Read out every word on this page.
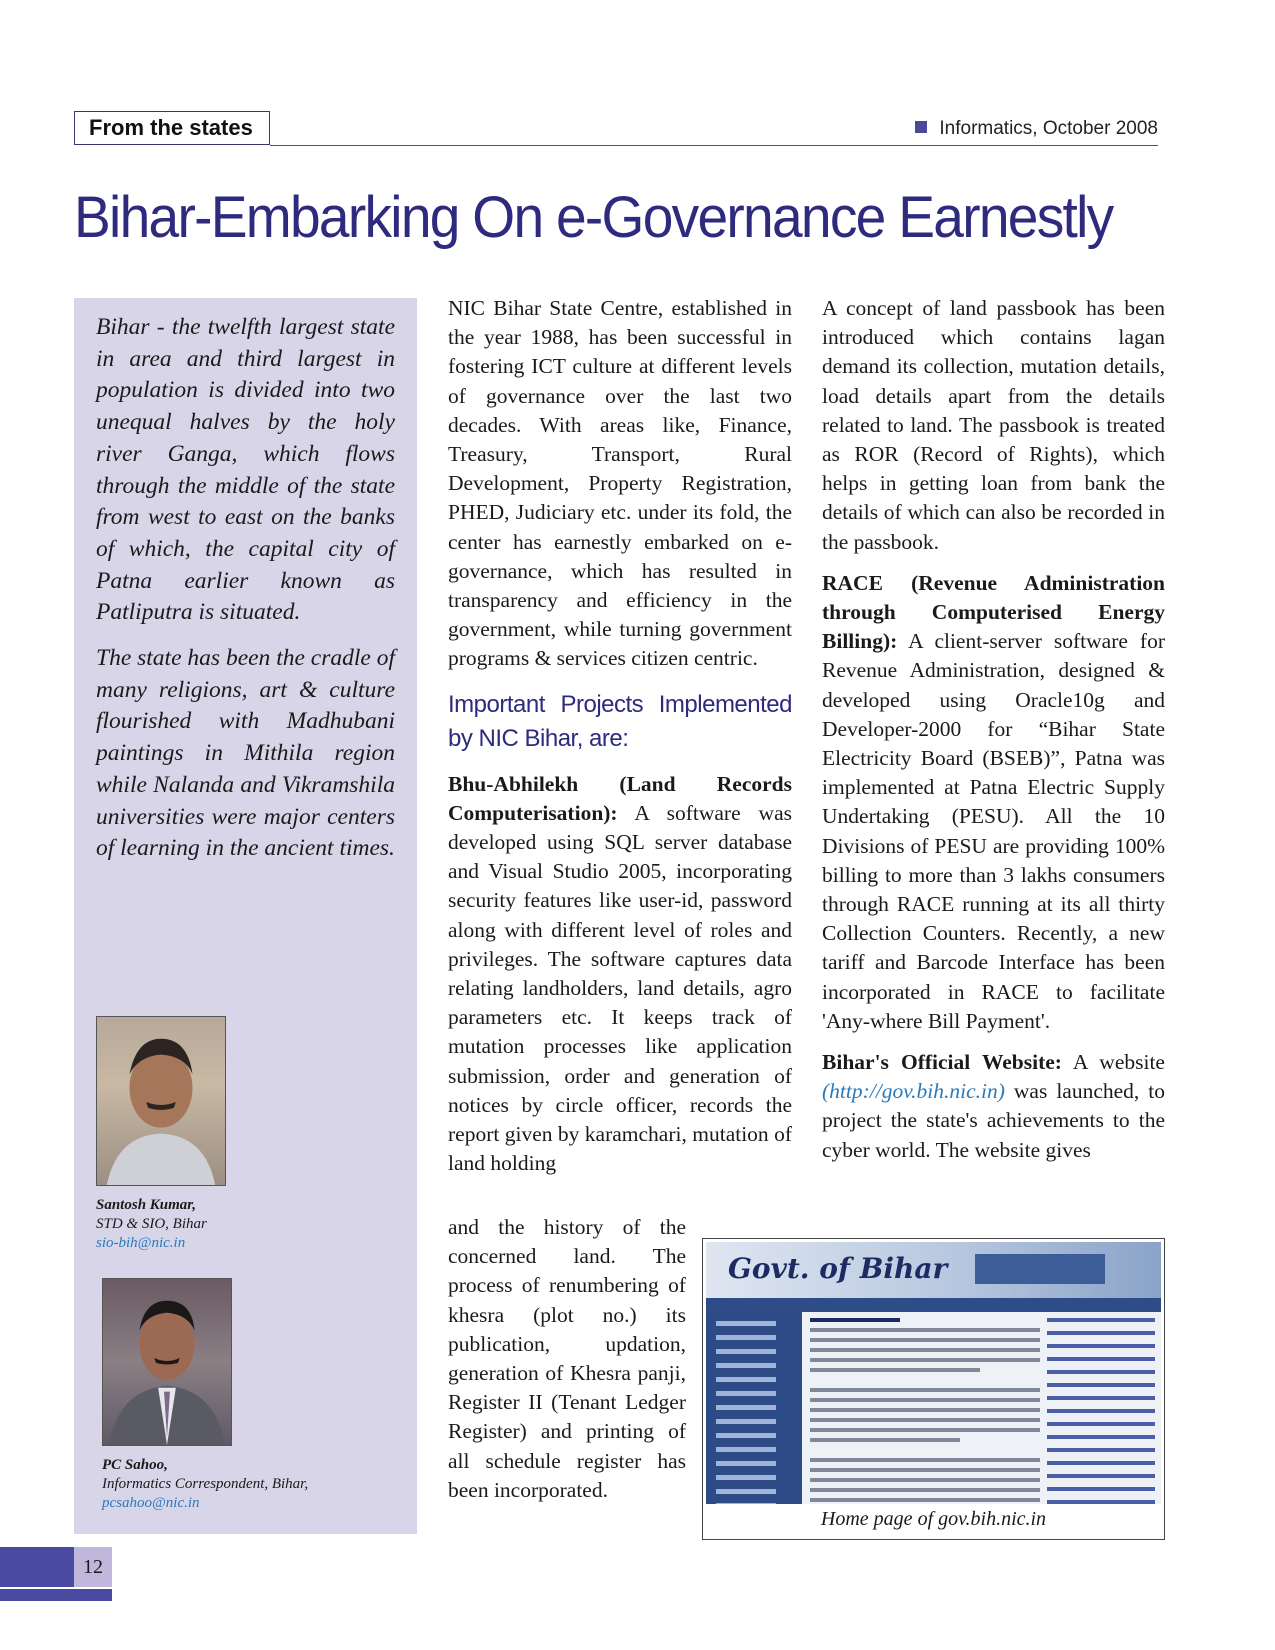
From the states	Informatics, October 2008
Bihar-Embarking On e-Governance Earnestly

Bihar - the twelfth largest state in area and third largest in population is divided into two unequal halves by the holy river Ganga, which flows through the middle of the state from west to east on the banks of which, the capital city of Patna earlier known as Patliputra is situated.

The state has been the cradle of many religions, art & culture flourished with Madhubani paintings in Mithila region while Nalanda and Vikramshila universities were major centers of learning in the ancient times.

Santosh Kumar,
STD & SIO, Bihar
sio-bih@nic.in
PC Sahoo,
Informatics Correspondent, Bihar,
pcsahoo@nic.in

NIC Bihar State Centre, established in the year 1988, has been successful in fostering ICT culture at different levels of governance over the last two decades. With areas like, Finance, Treasury, Transport, Rural Development, Property Registration, PHED, Judiciary etc. under its fold, the center has earnestly embarked on e-governance, which has resulted in transparency and efficiency in the government, while turning government programs & services citizen centric.

Important Projects Implemented by NIC Bihar, are:

Bhu-Abhilekh (Land Records Computerisation): A software was developed using SQL server database and Visual Studio 2005, incorporating security features like user-id, password along with different level of roles and privileges. The software captures data relating landholders, land details, agro parameters etc. It keeps track of mutation processes like application submission, order and generation of notices by circle officer, records the report given by karamchari, mutation of land holding

and the history of the concerned land. The process of renumbering of khesra (plot no.) its publication, updation, generation of Khesra panji, Register II (Tenant Ledger Register) and printing of all schedule register has been incorporated.

A concept of land passbook has been introduced which contains lagan demand its collection, mutation details, load details apart from the details related to land. The passbook is treated as ROR (Record of Rights), which helps in getting loan from bank the details of which can also be recorded in the passbook.

RACE (Revenue Administration through Computerised Energy Billing): A client-server software for Revenue Administration, designed & developed using Oracle10g and Developer-2000 for “Bihar State Electricity Board (BSEB)”, Patna was implemented at Patna Electric Supply Undertaking (PESU). All the 10 Divisions of PESU are providing 100% billing to more than 3 lakhs consumers through RACE running at its all thirty Collection Counters. Recently, a new tariff and Barcode Interface has been incorporated in RACE to facilitate 'Any-where Bill Payment'.

Bihar's Official Website: A website (http://gov.bih.nic.in) was launched, to project the state's achievements to the cyber world. The website gives

Govt. of Bihar
Home page of gov.bih.nic.in
12
